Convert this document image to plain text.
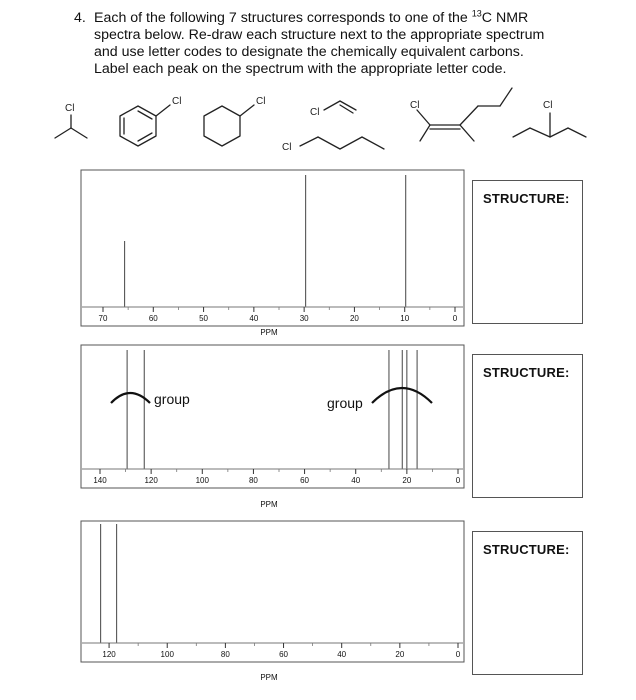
4. Each of the following 7 structures corresponds to one of the $^{13}$C NMR
spectra below. Re-draw each structure next to the appropriate spectrum
and use letter codes to designate the chemically equivalent carbons.
Label each peak on the spectrum with the appropriate letter code.
Cl
Cl	Cl
Cl
Cl
Cl	Cl
70	60	50	40	30	20	10	0
PPM
STRUCTURE:
140	120	100	80	60	40	20	0
group	group
PPM
STRUCTURE:
120	100	80	60	40	20	0
PPM
STRUCTURE:
